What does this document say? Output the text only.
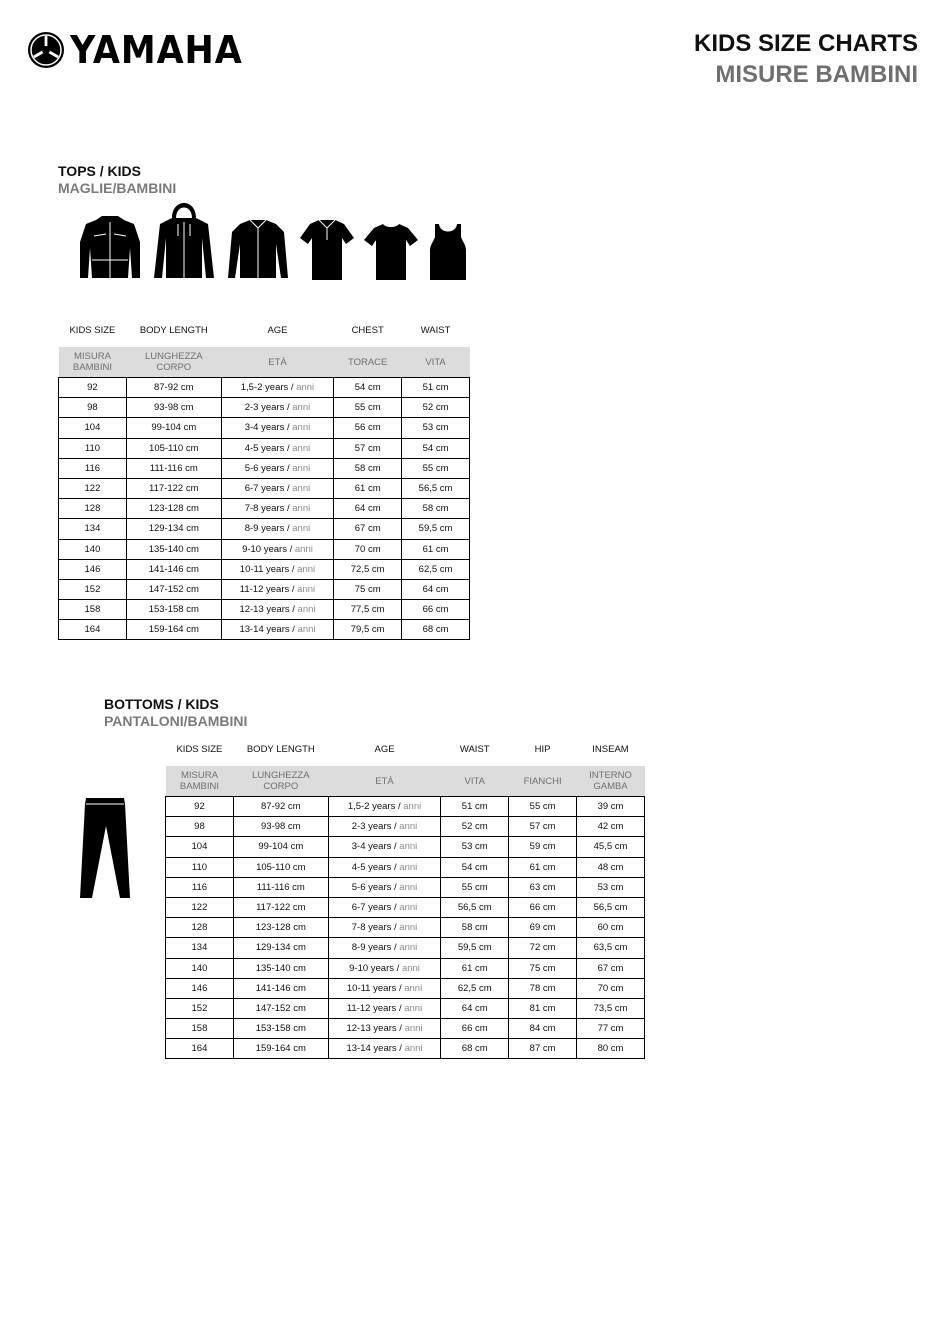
YAMAHA	KIDS SIZE CHARTS
MISURE BAMBINI
TOPS / KIDS
MAGLIE/BAMBINI
KIDS SIZE	BODY LENGTH	AGE	CHEST	WAIST
MISURA BAMBINI	LUNGHEZZA CORPO	ETÀ	TORACE	VITA
92	87-92 cm	1,5-2 years / anni	54 cm	51 cm
98	93-98 cm	2-3 years / anni	55 cm	52 cm
104	99-104 cm	3-4 years / anni	56 cm	53 cm
110	105-110 cm	4-5 years / anni	57 cm	54 cm
116	111-116 cm	5-6 years / anni	58 cm	55 cm
122	117-122 cm	6-7 years / anni	61 cm	56,5 cm
128	123-128 cm	7-8 years / anni	64 cm	58 cm
134	129-134 cm	8-9 years / anni	67 cm	59,5 cm
140	135-140 cm	9-10 years / anni	70 cm	61 cm
146	141-146 cm	10-11 years / anni	72,5 cm	62,5 cm
152	147-152 cm	11-12 years / anni	75 cm	64 cm
158	153-158 cm	12-13 years / anni	77,5 cm	66 cm
164	159-164 cm	13-14 years / anni	79,5 cm	68 cm
BOTTOMS / KIDS
PANTALONI/BAMBINI
KIDS SIZE	BODY LENGTH	AGE	WAIST	HIP	INSEAM
MISURA BAMBINI	LUNGHEZZA CORPO	ETÀ	VITA	FIANCHI	INTERNO GAMBA
92	87-92 cm	1,5-2 years / anni	51 cm	55 cm	39 cm
98	93-98 cm	2-3 years / anni	52 cm	57 cm	42 cm
104	99-104 cm	3-4 years / anni	53 cm	59 cm	45,5 cm
110	105-110 cm	4-5 years / anni	54 cm	61 cm	48 cm
116	111-116 cm	5-6 years / anni	55 cm	63 cm	53 cm
122	117-122 cm	6-7 years / anni	56,5 cm	66 cm	56,5 cm
128	123-128 cm	7-8 years / anni	58 cm	69 cm	60 cm
134	129-134 cm	8-9 years / anni	59,5 cm	72 cm	63,5 cm
140	135-140 cm	9-10 years / anni	61 cm	75 cm	67 cm
146	141-146 cm	10-11 years / anni	62,5 cm	78 cm	70 cm
152	147-152 cm	11-12 years / anni	64 cm	81 cm	73,5 cm
158	153-158 cm	12-13 years / anni	66 cm	84 cm	77 cm
164	159-164 cm	13-14 years / anni	68 cm	87 cm	80 cm
